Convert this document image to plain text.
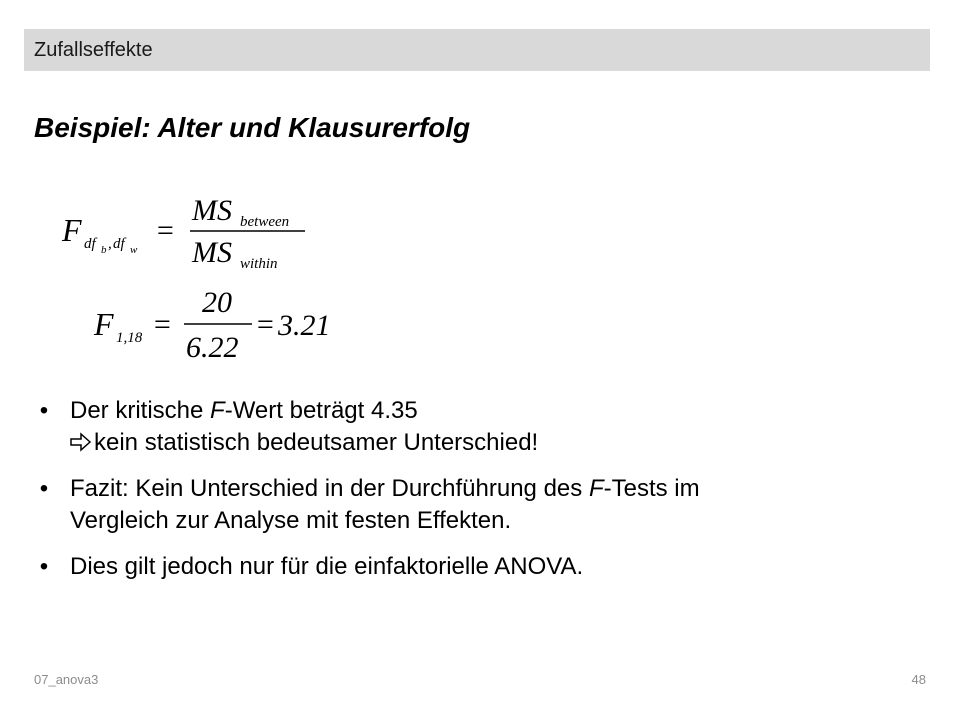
Zufallseffekte
Beispiel: Alter und Klausurerfolg
F df b , df w
=
MS between
MS within
F 1,18 =
20
6.22
= 3.21
• Der kritische F-Wert beträgt 4.35
kein statistisch bedeutsamer Unterschied!
• Fazit: Kein Unterschied in der Durchführung des F-Tests im
Vergleich zur Analyse mit festen Effekten.
• Dies gilt jedoch nur für die einfaktorielle ANOVA.
07_anova3	48
